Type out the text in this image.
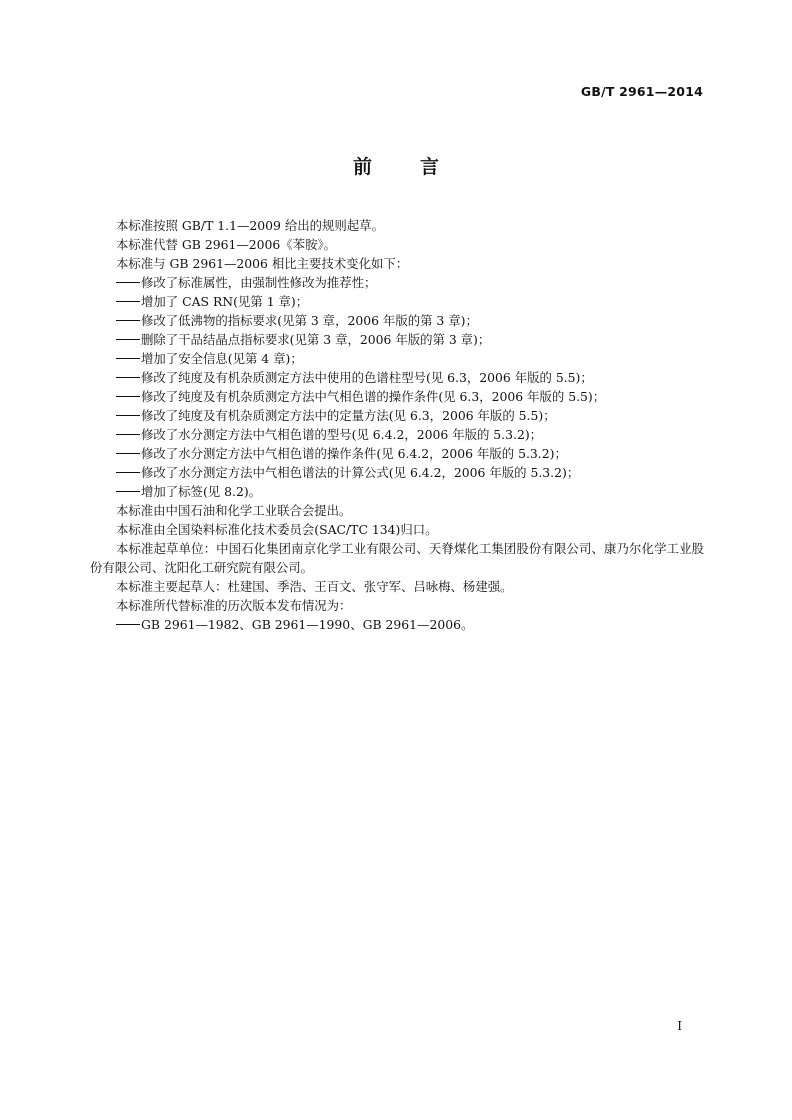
GB/T 2961—2014
前言

本标准按照 GB/T 1.1—2009 给出的规则起草。

本标准代替 GB 2961—2006《苯胺》。

本标准与 GB 2961—2006 相比主要技术变化如下：

修改了标准属性，由强制性修改为推荐性；

增加了 CAS RN(见第 1 章)；

修改了低沸物的指标要求(见第 3 章，2006 年版的第 3 章)；

删除了干品结晶点指标要求(见第 3 章，2006 年版的第 3 章)；

增加了安全信息(见第 4 章)；

修改了纯度及有机杂质测定方法中使用的色谱柱型号(见 6.3，2006 年版的 5.5)；

修改了纯度及有机杂质测定方法中气相色谱的操作条件(见 6.3，2006 年版的 5.5)；

修改了纯度及有机杂质测定方法中的定量方法(见 6.3，2006 年版的 5.5)；

修改了水分测定方法中气相色谱的型号(见 6.4.2，2006 年版的 5.3.2)；

修改了水分测定方法中气相色谱的操作条件(见 6.4.2，2006 年版的 5.3.2)；

修改了水分测定方法中气相色谱法的计算公式(见 6.4.2，2006 年版的 5.3.2)；

增加了标签(见 8.2)。

本标准由中国石油和化学工业联合会提出。

本标准由全国染料标准化技术委员会(SAC/TC 134)归口。

本标准起草单位：中国石化集团南京化学工业有限公司、天脊煤化工集团股份有限公司、康乃尔化学工业股份有限公司、沈阳化工研究院有限公司。

本标准主要起草人：杜建国、季浩、王百文、张守军、吕咏梅、杨建强。

本标准所代替标准的历次版本发布情况为：

GB 2961—1982、GB 2961—1990、GB 2961—2006。

I
